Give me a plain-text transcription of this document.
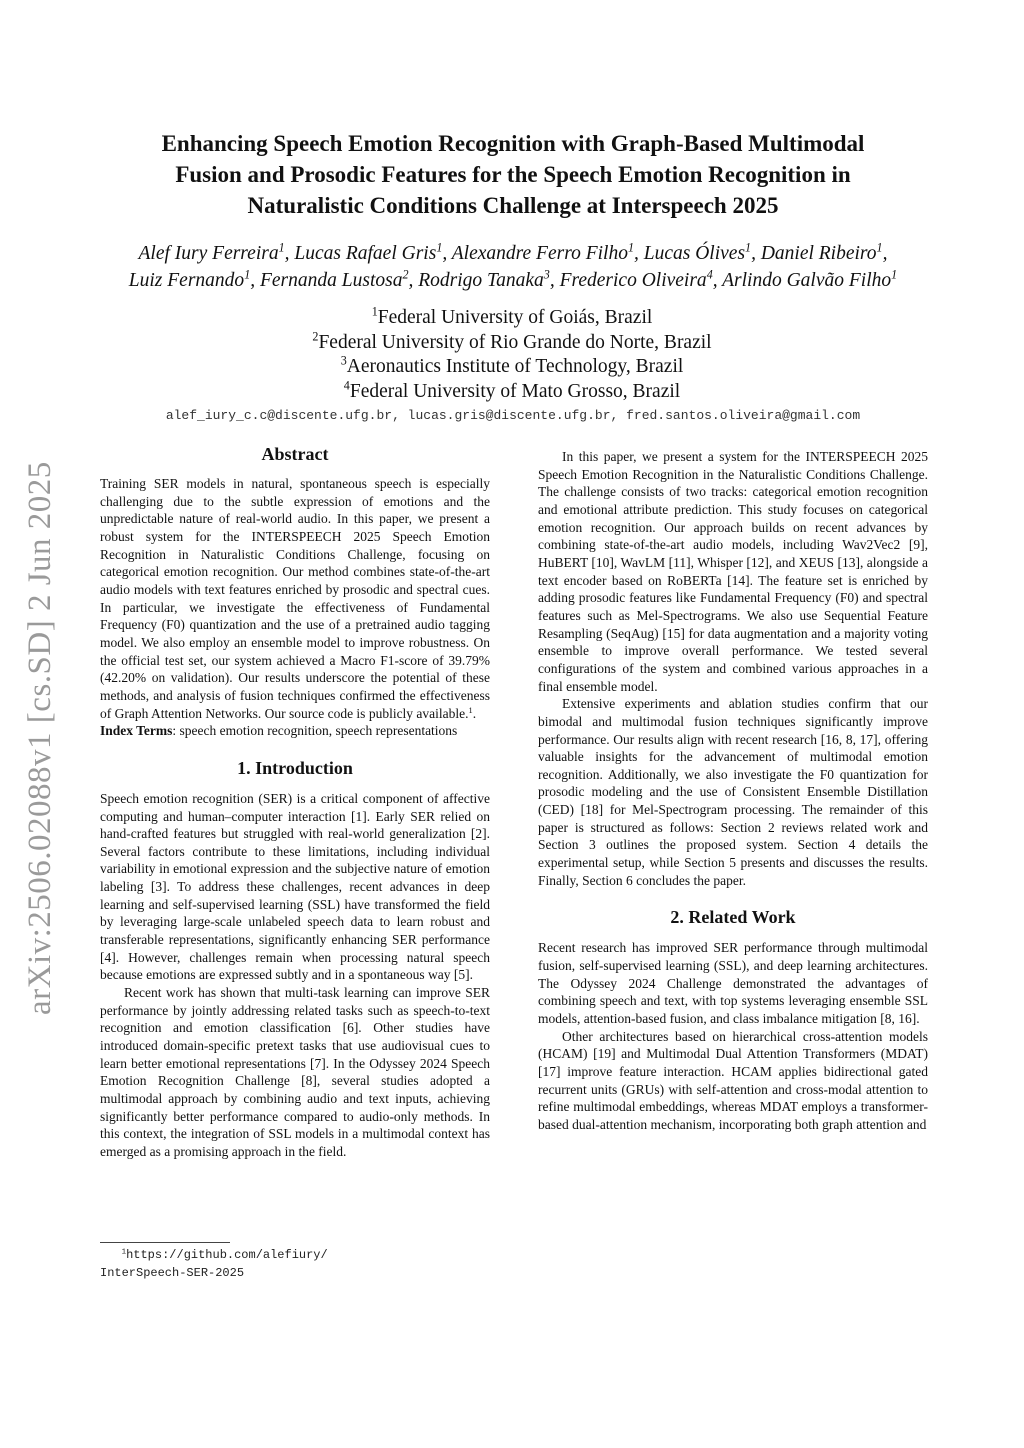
arXiv:2506.02088v1 [cs.SD] 2 Jun 2025
Enhancing Speech Emotion Recognition with Graph-Based Multimodal
Fusion and Prosodic Features for the Speech Emotion Recognition in
Naturalistic Conditions Challenge at Interspeech 2025
Alef Iury Ferreira$^1$, Lucas Rafael Gris$^1$, Alexandre Ferro Filho$^1$, Lucas Ólives$^1$, Daniel Ribeiro$^1$,
Luiz Fernando$^1$, Fernanda Lustosa$^2$, Rodrigo Tanaka$^3$, Frederico Oliveira$^4$, Arlindo Galvão Filho$^1$
$^1$Federal University of Goiás, Brazil
$^2$Federal University of Rio Grande do Norte, Brazil
$^3$Aeronautics Institute of Technology, Brazil
$^4$Federal University of Mato Grosso, Brazil
alef_iury_c.c@discente.ufg.br, lucas.gris@discente.ufg.br, fred.santos.oliveira@gmail.com
Abstract

Training SER models in natural, spontaneous speech is especially challenging due to the subtle expression of emotions and the unpredictable nature of real-world audio. In this paper, we present a robust system for the INTERSPEECH 2025 Speech Emotion Recognition in Naturalistic Conditions Challenge, focusing on categorical emotion recognition. Our method combines state-of-the-art audio models with text features enriched by prosodic and spectral cues. In particular, we investigate the effectiveness of Fundamental Frequency (F0) quantization and the use of a pretrained audio tagging model. We also employ an ensemble model to improve robustness. On the official test set, our system achieved a Macro F1-score of 39.79% (42.20% on validation). Our results underscore the potential of these methods, and analysis of fusion techniques confirmed the effectiveness of Graph Attention Networks. Our source code is publicly available.$^1$.

Index Terms: speech emotion recognition, speech representations

1. Introduction

Speech emotion recognition (SER) is a critical component of affective computing and human–computer interaction [1]. Early SER relied on hand-crafted features but struggled with real-world generalization [2]. Several factors contribute to these limitations, including individual variability in emotional expression and the subjective nature of emotion labeling [3]. To address these challenges, recent advances in deep learning and self-supervised learning (SSL) have transformed the field by leveraging large-scale unlabeled speech data to learn robust and transferable representations, significantly enhancing SER performance [4]. However, challenges remain when processing natural speech because emotions are expressed subtly and in a spontaneous way [5].

Recent work has shown that multi-task learning can improve SER performance by jointly addressing related tasks such as speech-to-text recognition and emotion classification [6]. Other studies have introduced domain-specific pretext tasks that use audiovisual cues to learn better emotional representations [7]. In the Odyssey 2024 Speech Emotion Recognition Challenge [8], several studies adopted a multimodal approach by combining audio and text inputs, achieving significantly better performance compared to audio-only methods. In this context, the integration of SSL models in a multimodal context has emerged as a promising approach in the field.

$^1$https://github.com/alefiury/
InterSpeech-SER-2025

In this paper, we present a system for the INTERSPEECH 2025 Speech Emotion Recognition in the Naturalistic Conditions Challenge. The challenge consists of two tracks: categorical emotion recognition and emotional attribute prediction. This study focuses on categorical emotion recognition. Our approach builds on recent advances by combining state-of-the-art audio models, including Wav2Vec2 [9], HuBERT [10], WavLM [11], Whisper [12], and XEUS [13], alongside a text encoder based on RoBERTa [14]. The feature set is enriched by adding prosodic features like Fundamental Frequency (F0) and spectral features such as Mel-Spectrograms. We also use Sequential Feature Resampling (SeqAug) [15] for data augmentation and a majority voting ensemble to improve overall performance. We tested several configurations of the system and combined various approaches in a final ensemble model.

Extensive experiments and ablation studies confirm that our bimodal and multimodal fusion techniques significantly improve performance. Our results align with recent research [16, 8, 17], offering valuable insights for the advancement of multimodal emotion recognition. Additionally, we also investigate the F0 quantization for prosodic modeling and the use of Consistent Ensemble Distillation (CED) [18] for Mel-Spectrogram processing. The remainder of this paper is structured as follows: Section 2 reviews related work and Section 3 outlines the proposed system. Section 4 details the experimental setup, while Section 5 presents and discusses the results. Finally, Section 6 concludes the paper.

2. Related Work

Recent research has improved SER performance through multimodal fusion, self-supervised learning (SSL), and deep learning architectures. The Odyssey 2024 Challenge demonstrated the advantages of combining speech and text, with top systems leveraging ensemble SSL models, attention-based fusion, and class imbalance mitigation [8, 16].

Other architectures based on hierarchical cross-attention models (HCAM) [19] and Multimodal Dual Attention Transformers (MDAT) [17] improve feature interaction. HCAM applies bidirectional gated recurrent units (GRUs) with self-attention and cross-modal attention to refine multimodal embeddings, whereas MDAT employs a transformer-based dual-attention mechanism, incorporating both graph attention and
